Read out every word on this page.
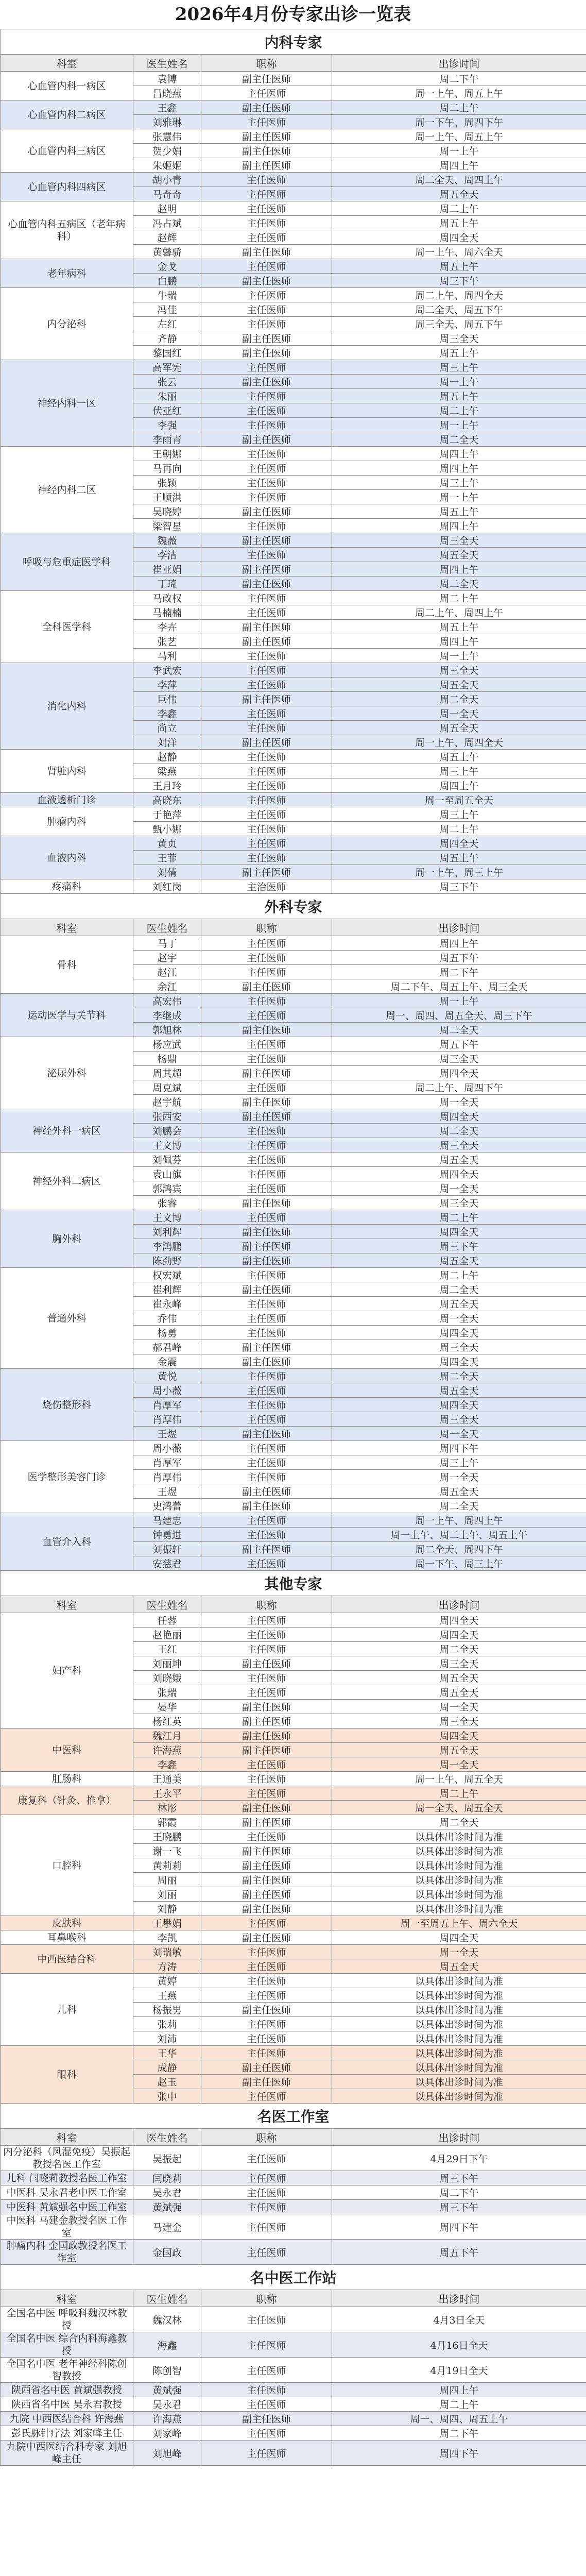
2026年4月份专家出诊一览表
内科专家			
科室	医生姓名	职称	出诊时间
心血管内科一病区	袁博	副主任医师	周二下午
	吕晓燕	主任医师	周一上午、周五上午
心血管内科二病区	王鑫	副主任医师	周二上午
	刘雅琳	主任医师	周一下午、周四下午
心血管内科三病区	张慧伟	副主任医师	周一上午、周五上午
	贺少娟	副主任医师	周一上午
	朱姬姬	副主任医师	周四上午
心血管内科四病区	胡小青	主任医师	周二全天、周四上午
	马奇奇	主任医师	周五全天
心血管内科五病区（老年病科）	赵明	主任医师	周二上午
	冯占斌	主任医师	周五上午
	赵辉	主任医师	周四全天
	黄馨骄	副主任医师	周一上午、周六全天
老年病科	金戈	主任医师	周五上午
	白鹏	副主任医师	周三下午
内分泌科	牛瑞	主任医师	周二上午、周四全天
	冯佳	主任医师	周二全天、周五下午
	左红	主任医师	周三全天、周五下午
	齐静	副主任医师	周三全天
	黎国红	副主任医师	周五上午
神经内科一区	高军宪	主任医师	周三上午
	张云	副主任医师	周一上午
	朱丽	主任医师	周五上午
	伏亚红	主任医师	周二上午
	李强	主任医师	周一上午
	李雨青	副主任医师	周二全天
神经内科二区	王朝娜	主任医师	周四上午
	马再向	主任医师	周四上午
	张颖	主任医师	周三上午
	王顺洪	主任医师	周一上午
	吴晓婷	副主任医师	周五上午
	梁智星	主任医师	周四上午
呼吸与危重症医学科	魏薇	副主任医师	周三全天
	李洁	主任医师	周五全天
	崔亚娟	副主任医师	周四上午
	丁琦	副主任医师	周二全天
全科医学科	马政权	主任医师	周二上午
	马楠楠	主任医师	周二上午、周四上午
	李卉	副主任医师	周五上午
	张艺	副主任医师	周四上午
	马利	主任医师	周一上午
消化内科	李武宏	主任医师	周三全天
	李萍	主任医师	周五全天
	巨伟	副主任医师	周二全天
	李鑫	主任医师	周一全天
	尚立	主任医师	周五全天
	刘洋	副主任医师	周一上午、周四全天
肾脏内科	赵静	主任医师	周五上午
	梁燕	主任医师	周三上午
	王月玲	主任医师	周四上午
血液透析门诊	高晓东	主任医师	周一至周五全天
肿瘤内科	于艳萍	主任医师	周三上午
	甄小娜	主任医师	周二上午
血液内科	黄贞	主任医师	周四全天
	王菲	主任医师	周五上午
	刘倩	副主任医师	周一上午、周三上午
疼痛科	刘红岗	主治医师	周三下午
外科专家			
科室	医生姓名	职称	出诊时间
骨科	马丁	主任医师	周四上午
	赵宇	主任医师	周五下午
	赵江	主任医师	周二下午
	余江	副主任医师	周二下午、周五上午、周三全天
运动医学与关节科	高宏伟	主任医师	周一上午
	李继成	主任医师	周一、周四、周五全天、周三下午
	郭旭林	副主任医师	周二全天
泌尿外科	杨应武	主任医师	周五下午
	杨鼎	主任医师	周三全天
	周其超	副主任医师	周四全天
	周克斌	主任医师	周二上午、周四下午
	赵宇航	副主任医师	周一全天
神经外科一病区	张西安	副主任医师	周四全天
	刘鹏会	主任医师	周二全天
	王文博	主任医师	周三全天
神经外科二病区	刘佩芬	主任医师	周五全天
	袁山旗	主任医师	周四全天
	郭鸿宾	主任医师	周一全天
	张睿	副主任医师	周三全天
胸外科	王文博	主任医师	周二上午
	刘利辉	副主任医师	周四全天
	李鸿鹏	副主任医师	周三下午
	陈劲野	副主任医师	周五全天
普通外科	权宏斌	主任医师	周二上午
	崔利辉	副主任医师	周二全天
	崔永峰	主任医师	周五全天
	乔伟	主任医师	周一全天
	杨勇	主任医师	周四全天
	郝君峰	副主任医师	周三全天
	金震	副主任医师	周四全天
烧伤整形科	黄悦	主任医师	周二全天
	周小薇	主任医师	周五全天
	肖厚军	主任医师	周四全天
	肖厚伟	主任医师	周三全天
	王煜	副主任医师	周一全天
医学整形美容门诊	周小薇	主任医师	周四下午
	肖厚军	主任医师	周三上午
	肖厚伟	主任医师	周一全天
	王煜	副主任医师	周五全天
	史鸿蕾	副主任医师	周二全天
血管介入科	马建忠	主任医师	周一上午、周四上午
	钟勇进	主任医师	周一上午、周二上午、周五上午
	刘振轩	副主任医师	周二全天、周四下午
	安慈君	主任医师	周一下午、周三上午
其他专家			
科室	医生姓名	职称	出诊时间
妇产科	任蓉	主任医师	周四全天
	赵艳丽	主任医师	周四全天
	王红	主任医师	周二全天
	刘丽坤	副主任医师	周三全天
	刘晓娥	主任医师	周五全天
	张瑞	主任医师	周五全天
	晏华	副主任医师	周一全天
	杨红英	副主任医师	周三全天
中医科	魏江月	副主任医师	周四全天
	许海燕	副主任医师	周五全天
	李鑫	主任医师	周一全天
肛肠科	王通美	主任医师	周一上午、周五全天
康复科（针灸、推拿）	王永平	主任医师	周二上午
	林彤	副主任医师	周一全天、周五全天
口腔科	郭霞	副主任医师	周二全天
	王晓鹏	主任医师	以具体出诊时间为准
	谢一飞	副主任医师	以具体出诊时间为准
	黄莉莉	副主任医师	以具体出诊时间为准
	周丽	副主任医师	以具体出诊时间为准
	刘丽	副主任医师	以具体出诊时间为准
	刘静	副主任医师	以具体出诊时间为准
皮肤科	王攀娟	主任医师	周一至周五上午、周六全天
耳鼻喉科	李凯	副主任医师	周四全天
中西医结合科	刘瑞敏	主任医师	周一全天
	方涛	主任医师	周五全天
儿科	黄婷	主任医师	以具体出诊时间为准
	王燕	主任医师	以具体出诊时间为准
	杨振男	副主任医师	以具体出诊时间为准
	张莉	主任医师	以具体出诊时间为准
	刘沛	主任医师	以具体出诊时间为准
眼科	王华	主任医师	以具体出诊时间为准
	成静	副主任医师	以具体出诊时间为准
	赵玉	副主任医师	以具体出诊时间为准
	张中	主任医师	以具体出诊时间为准
名医工作室			
科室	医生姓名	职称	出诊时间
内分泌科（风湿免疫）吴振起教授名医工作室	吴振起	主任医师	4月29日下午
儿科 闫晓莉教授名医工作室	闫晓莉	主任医师	周三下午
中医科 吴永君老中医工作室	吴永君	主任医师	周二下午
中医科 黄斌强名中医工作室	黄斌强	主任医师	周三下午
中医科 马建金教授名医工作室	马建金	主任医师	周四下午
肿瘤内科 金国政教授名医工作室	金国政	主任医师	周五下午
名中医工作站			
科室	医生姓名	职称	出诊时间
全国名中医 呼吸科魏汉林教授	魏汉林	主任医师	4月3日全天
全国名中医 综合内科海鑫教授	海鑫	主任医师	4月16日全天
全国名中医 老年神经科陈创智教授	陈创智	主任医师	4月19日全天
陕西省名中医 黄斌强教授	黄斌强	主任医师	周四上午
陕西省名中医 吴永君教授	吴永君	主任医师	周二上午
九院 中西医结合科 许海燕	许海燕	副主任医师	周一、周四、周五上午
彭氏脉针疗法 刘家峰主任	刘家峰	主任医师	周二下午
九院中西医结合科专家 刘旭峰主任	刘旭峰	主任医师	周四下午
